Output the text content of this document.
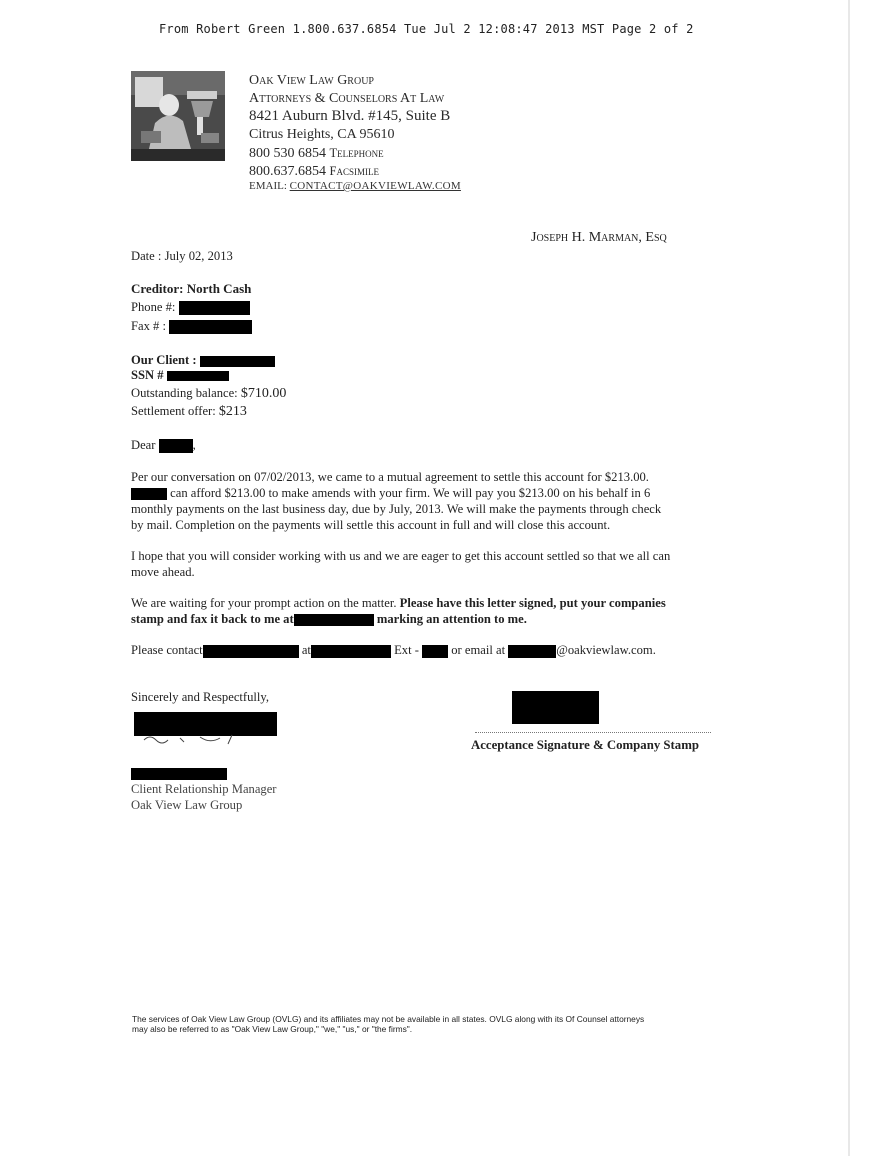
From Robert Green 1.800.637.6854 Tue Jul 2 12:08:47 2013 MST Page 2 of 2
Oak View Law Group
Attorneys & Counselors At Law
8421 Auburn Blvd. #145, Suite B
Citrus Heights, CA 95610
800 530 6854 Telephone
800.637.6854 Facsimile
EMAIL: CONTACT@OAKVIEWLAW.COM
Joseph H. Marman, Esq
Date : July 02, 2013
Creditor: North Cash
Phone #:
Fax # :
Our Client :
SSN #
Outstanding balance: $710.00
Settlement offer: $213
Dear	,
Per our conversation on 07/02/2013, we came to a mutual agreement to settle this account for $213.00.
can afford $213.00 to make amends with your firm. We will pay you $213.00 on his behalf in 6
monthly payments on the last business day, due by July, 2013. We will make the payments through check
by mail. Completion on the payments will settle this account in full and will close this account.
I hope that you will consider working with us and we are eager to get this account settled so that we all can
move ahead.
We are waiting for your prompt action on the matter. Please have this letter signed, put your companies
stamp and fax it back to me at	marking an attention to me.
Please contact	at	Ext -	or email at	@oakviewlaw.com.
Sincerely and Respectfully,
Acceptance Signature & Company Stamp
Client Relationship Manager
Oak View Law Group
The services of Oak View Law Group (OVLG) and its affiliates may not be available in all states. OVLG along with its Of Counsel attorneys
may also be referred to as "Oak View Law Group," "we," "us," or "the firms".
